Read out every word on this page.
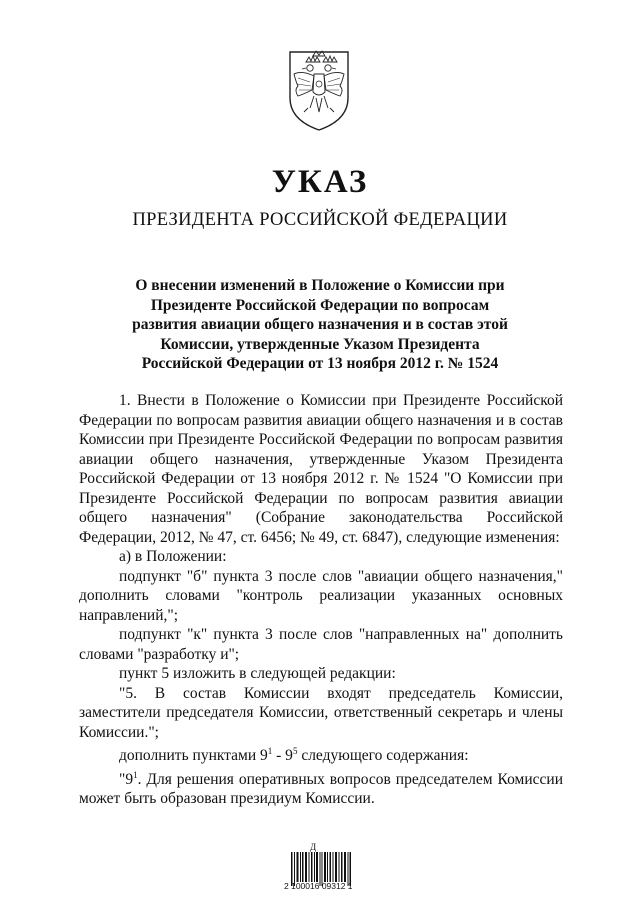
УКАЗ
ПРЕЗИДЕНТА РОССИЙСКОЙ ФЕДЕРАЦИИ
О внесении изменений в Положение о Комиссии при
Президенте Российской Федерации по вопросам
развития авиации общего назначения и в состав этой
Комиссии, утвержденные Указом Президента
Российской Федерации от 13 ноября 2012 г. № 1524

1. Внести в Положение о Комиссии при Президенте Российской Федерации по вопросам развития авиации общего назначения и в состав Комиссии при Президенте Российской Федерации по вопросам развития авиации общего назначения, утвержденные Указом Президента Российской Федерации от 13 ноября 2012 г. № 1524 "О Комиссии при Президенте Российской Федерации по вопросам развития авиации общего назначения" (Собрание законодательства Российской Федерации, 2012, № 47, ст. 6456; № 49, ст. 6847), следующие изменения:

а) в Положении:

подпункт "б" пункта 3 после слов "авиации общего назначения," дополнить словами "контроль реализации указанных основных направлений,";

подпункт "к" пункта 3 после слов "направленных на" дополнить словами "разработку и";

пункт 5 изложить в следующей редакции:

"5. В состав Комиссии входят председатель Комиссии, заместители председателя Комиссии, ответственный секретарь и члены Комиссии.";

дополнить пунктами $9^1 - 9^5$ следующего содержания:

"$9^1$. Для решения оперативных вопросов председателем Комиссии может быть образован президиум Комиссии.

Д
2 100016 09312 1
